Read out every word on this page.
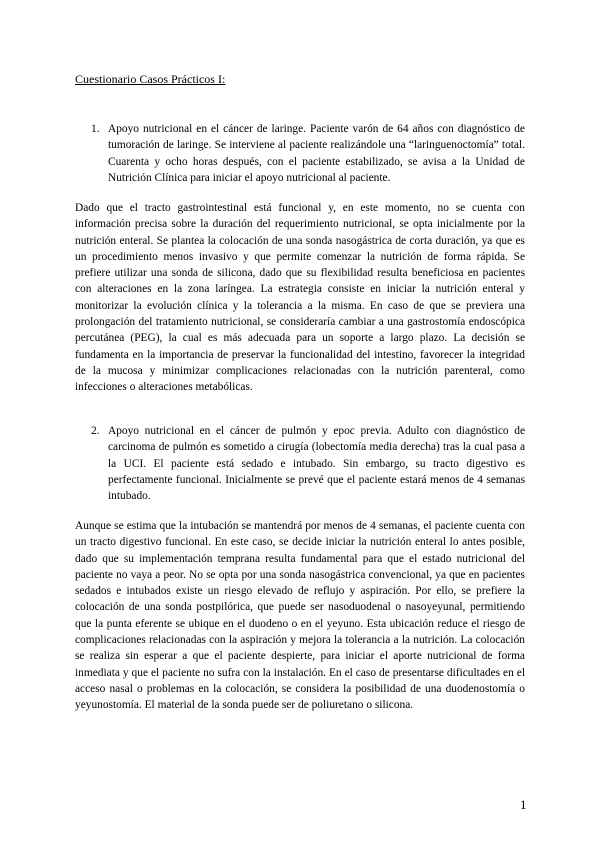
Cuestionario Casos Prácticos I:
1. Apoyo nutricional en el cáncer de laringe. Paciente varón de 64 años con diagnóstico de tumoración de laringe. Se interviene al paciente realizándole una “laringuenoctomía” total. Cuarenta y ocho horas después, con el paciente estabilizado, se avisa a la Unidad de Nutrición Clínica para iniciar el apoyo nutricional al paciente.
Dado que el tracto gastrointestinal está funcional y, en este momento, no se cuenta con información precisa sobre la duración del requerimiento nutricional, se opta inicialmente por la nutrición enteral. Se plantea la colocación de una sonda nasogástrica de corta duración, ya que es un procedimiento menos invasivo y que permite comenzar la nutrición de forma rápida. Se prefiere utilizar una sonda de silicona, dado que su flexibilidad resulta beneficiosa en pacientes con alteraciones en la zona laríngea. La estrategia consiste en iniciar la nutrición enteral y monitorizar la evolución clínica y la tolerancia a la misma. En caso de que se previera una prolongación del tratamiento nutricional, se consideraría cambiar a una gastrostomía endoscópica percutánea (PEG), la cual es más adecuada para un soporte a largo plazo. La decisión se fundamenta en la importancia de preservar la funcionalidad del intestino, favorecer la integridad de la mucosa y minimizar complicaciones relacionadas con la nutrición parenteral, como infecciones o alteraciones metabólicas.
2. Apoyo nutricional en el cáncer de pulmón y epoc previa. Adulto con diagnóstico de carcinoma de pulmón es sometido a cirugía (lobectomía media derecha) tras la cual pasa a la UCI. El paciente está sedado e intubado. Sin embargo, su tracto digestivo es perfectamente funcional. Inicialmente se prevé que el paciente estará menos de 4 semanas intubado.
Aunque se estima que la intubación se mantendrá por menos de 4 semanas, el paciente cuenta con un tracto digestivo funcional. En este caso, se decide iniciar la nutrición enteral lo antes posible, dado que su implementación temprana resulta fundamental para que el estado nutricional del paciente no vaya a peor. No se opta por una sonda nasogástrica convencional, ya que en pacientes sedados e intubados existe un riesgo elevado de reflujo y aspiración. Por ello, se prefiere la colocación de una sonda postpilórica, que puede ser nasoduodenal o nasoyeyunal, permitiendo que la punta eferente se ubique en el duodeno o en el yeyuno. Esta ubicación reduce el riesgo de complicaciones relacionadas con la aspiración y mejora la tolerancia a la nutrición. La colocación se realiza sin esperar a que el paciente despierte, para iniciar el aporte nutricional de forma inmediata y que el paciente no sufra con la instalación. En el caso de presentarse dificultades en el acceso nasal o problemas en la colocación, se considera la posibilidad de una duodenostomía o yeyunostomía. El material de la sonda puede ser de poliuretano o silicona.
1
